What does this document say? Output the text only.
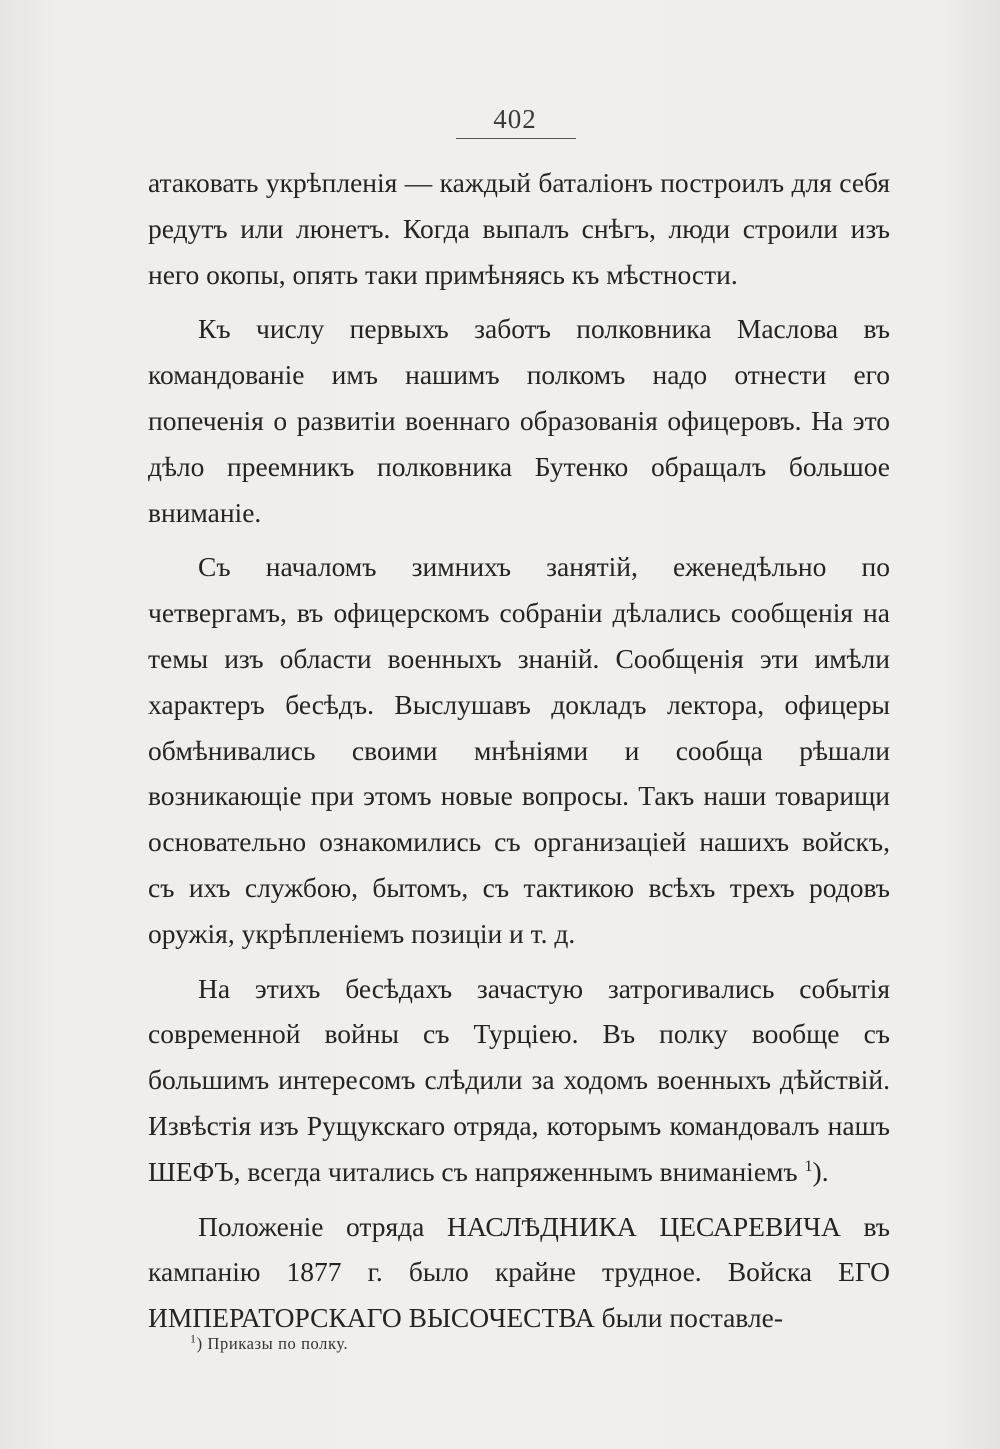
402

атаковать укрѣпленія — каждый баталіонъ построилъ для себя редутъ или люнетъ. Когда выпалъ снѣгъ, люди строили изъ него окопы, опять таки примѣняясь къ мѣстности.

Къ числу первыхъ заботъ полковника Маслова въ командованіе имъ нашимъ полкомъ надо отнести его попеченія о развитіи военнаго образованія офицеровъ. На это дѣло преемникъ полковника Бутенко обращалъ большое вниманіе.

Съ началомъ зимнихъ занятій, еженедѣльно по четвергамъ, въ офицерскомъ собраніи дѣлались сообщенія на темы изъ области военныхъ знаній. Сообщенія эти имѣли характеръ бесѣдъ. Выслушавъ докладъ лектора, офицеры обмѣнивались своими мнѣніями и сообща рѣшали возникающіе при этомъ новые вопросы. Такъ наши товарищи основательно ознакомились съ организаціей нашихъ войскъ, съ ихъ службою, бытомъ, съ тактикою всѣхъ трехъ родовъ оружія, укрѣпленіемъ позиціи и т. д.

На этихъ бесѣдахъ зачастую затрогивались событія современной войны съ Турціею. Въ полку вообще съ большимъ интересомъ слѣдили за ходомъ военныхъ дѣйствій. Извѣстія изъ Рущукскаго отряда, которымъ командовалъ нашъ ШЕФЪ, всегда читались съ напряженнымъ вниманіемъ $^1$).

Положеніе отряда НАСЛѢДНИКА ЦЕСАРЕВИЧА въ кампанію 1877 г. было крайне трудное. Войска ЕГО ИМПЕРАТОРСКАГО ВЫСОЧЕСТВА были поставле-

$^1$) Приказы по полку.
